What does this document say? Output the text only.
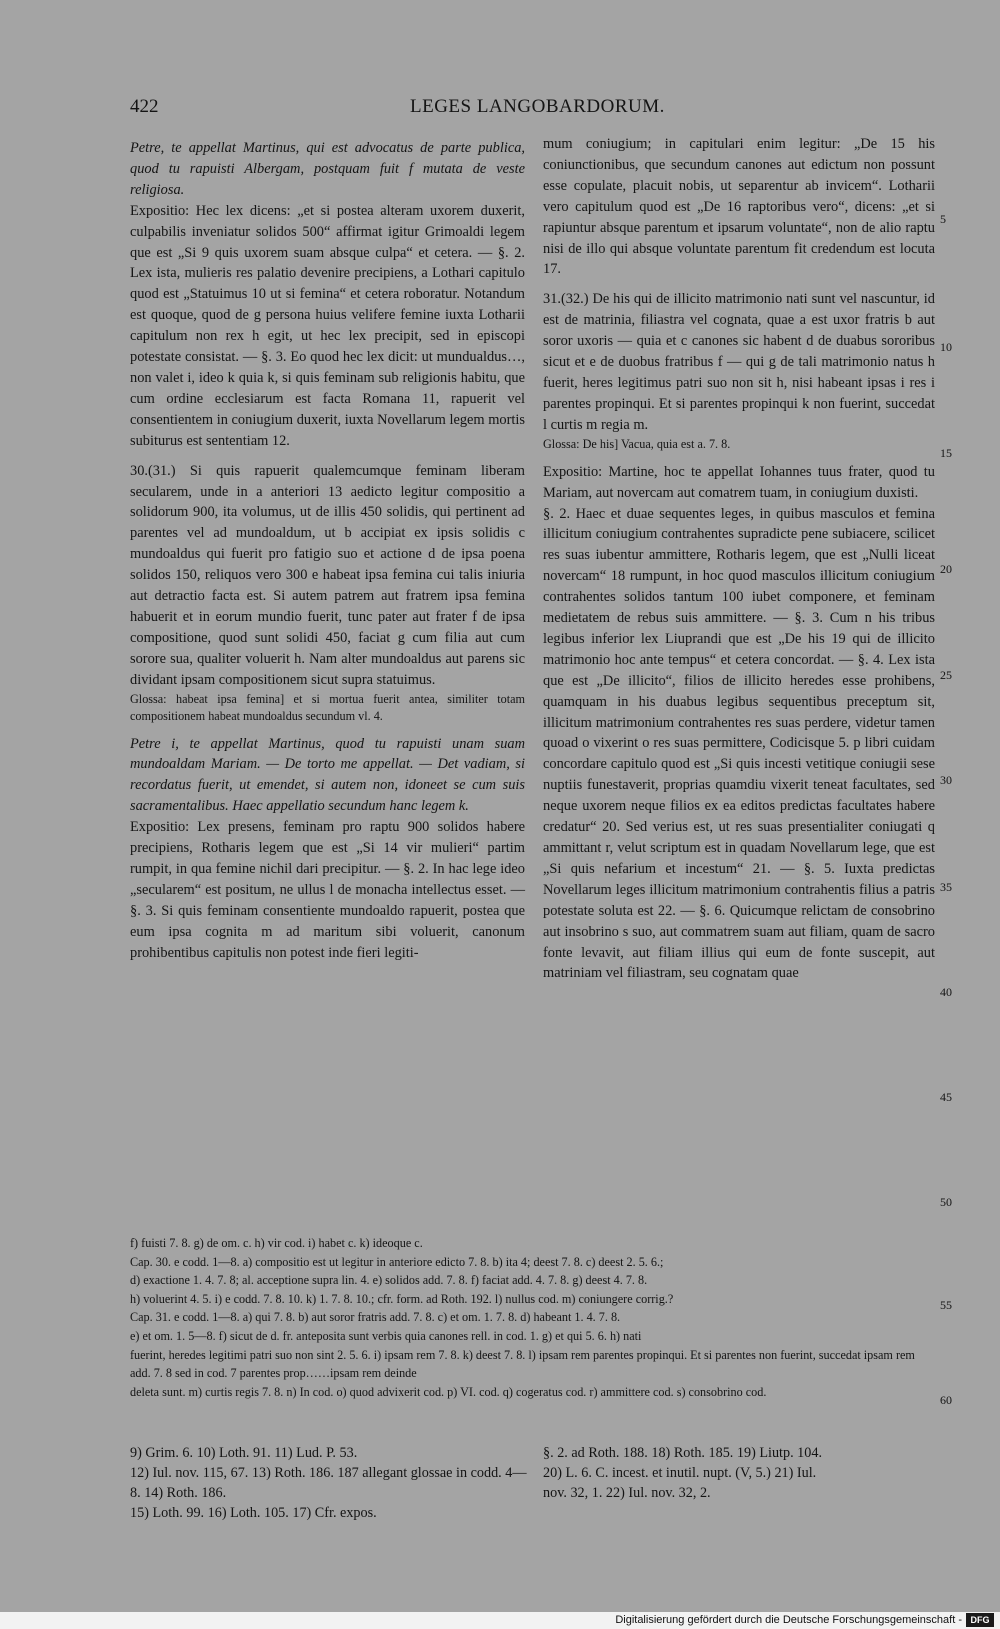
422	LEGES LANGOBARDORUM.

Petre, te appellat Martinus, qui est advocatus de parte publica, quod tu rapuisti Albergam, postquam fuit f mutata de veste religiosa.

Expositio: Hec lex dicens: „et si postea alteram uxorem duxerit, culpabilis inveniatur solidos 500“ affirmat igitur Grimoaldi legem que est „Si 9 quis uxorem suam absque culpa“ et cetera. — §. 2. Lex ista, mulieris res palatio devenire precipiens, a Lothari capitulo quod est „Statuimus 10 ut si femina“ et cetera roboratur. Notandum est quoque, quod de g persona huius velifere femine iuxta Lotharii capitulum non rex h egit, ut hec lex precipit, sed in episcopi potestate consistat. — §. 3. Eo quod hec lex dicit: ut mundualdus…, non valet i, ideo k quia k, si quis feminam sub religionis habitu, que cum ordine ecclesiarum est facta Romana 11, rapuerit vel consentientem in coniugium duxerit, iuxta Novellarum legem mortis subiturus est sententiam 12.

30.(31.) Si quis rapuerit qualemcumque feminam liberam secularem, unde in a anteriori 13 aedicto legitur compositio a solidorum 900, ita volumus, ut de illis 450 solidis, qui pertinent ad parentes vel ad mundoaldum, ut b accipiat ex ipsis solidis c mundoaldus qui fuerit pro fatigio suo et actione d de ipsa poena solidos 150, reliquos vero 300 e habeat ipsa femina cui talis iniuria aut detractio facta est. Si autem patrem aut fratrem ipsa femina habuerit et in eorum mundio fuerit, tunc pater aut frater f de ipsa compositione, quod sunt solidi 450, faciat g cum filia aut cum sorore sua, qualiter voluerit h. Nam alter mundoaldus aut parens sic dividant ipsam compositionem sicut supra statuimus.

Glossa: habeat ipsa femina] et si mortua fuerit antea, similiter totam compositionem habeat mundoaldus secundum vl. 4.

Petre i, te appellat Martinus, quod tu rapuisti unam suam mundoaldam Mariam. — De torto me appellat. — Det vadiam, si recordatus fuerit, ut emendet, si autem non, idoneet se cum suis sacramentalibus. Haec appellatio secundum hanc legem k.

Expositio: Lex presens, feminam pro raptu 900 solidos habere precipiens, Rotharis legem que est „Si 14 vir mulieri“ partim rumpit, in qua femine nichil dari precipitur. — §. 2. In hac lege ideo „secularem“ est positum, ne ullus l de monacha intellectus esset. — §. 3. Si quis feminam consentiente mundoaldo rapuerit, postea que eum ipsa cognita m ad maritum sibi voluerit, canonum prohibentibus capitulis non potest inde fieri legiti-

mum coniugium; in capitulari enim legitur: „De 15 his coniunctionibus, que secundum canones aut edictum non possunt esse copulate, placuit nobis, ut separentur ab invicem“. Lotharii vero capitulum quod est „De 16 raptoribus vero“, dicens: „et si rapiuntur absque parentum et ipsarum voluntate“, non de alio raptu nisi de illo qui absque voluntate parentum fit credendum est locuta 17.

31.(32.) De his qui de illicito matrimonio nati sunt vel nascuntur, id est de matrinia, filiastra vel cognata, quae a est uxor fratris b aut soror uxoris — quia et c canones sic habent d de duabus sororibus sicut et e de duobus fratribus f — qui g de tali matrimonio natus h fuerit, heres legitimus patri suo non sit h, nisi habeant ipsas i res i parentes propinqui. Et si parentes propinqui k non fuerint, succedat l curtis m regia m.

Glossa: De his] Vacua, quia est a. 7. 8.

Expositio: Martine, hoc te appellat Iohannes tuus frater, quod tu Mariam, aut novercam aut comatrem tuam, in coniugium duxisti.

§. 2. Haec et duae sequentes leges, in quibus masculos et femina illicitum coniugium contrahentes supradicte pene subiacere, scilicet res suas iubentur ammittere, Rotharis legem, que est „Nulli liceat novercam“ 18 rumpunt, in hoc quod masculos illicitum coniugium contrahentes solidos tantum 100 iubet componere, et feminam medietatem de rebus suis ammittere. — §. 3. Cum n his tribus legibus inferior lex Liuprandi que est „De his 19 qui de illicito matrimonio hoc ante tempus“ et cetera concordat. — §. 4. Lex ista que est „De illicito“, filios de illicito heredes esse prohibens, quamquam in his duabus legibus sequentibus preceptum sit, illicitum matrimonium contrahentes res suas perdere, videtur tamen quoad o vixerint o res suas permittere, Codicisque 5. p libri cuidam concordare capitulo quod est „Si quis incesti vetitique coniugii sese nuptiis funestaverit, proprias quamdiu vixerit teneat facultates, sed neque uxorem neque filios ex ea editos predictas facultates habere credatur“ 20. Sed verius est, ut res suas presentialiter coniugati q ammittant r, velut scriptum est in quadam Novellarum lege, que est „Si quis nefarium et incestum“ 21. — §. 5. Iuxta predictas Novellarum leges illicitum matrimonium contrahentis filius a patris potestate soluta est 22. — §. 6. Quicumque relictam de consobrino aut insobrino s suo, aut commatrem suam aut filiam, quam de sacro fonte levavit, aut filiam illius qui eum de fonte suscepit, aut matriniam vel filiastram, seu cognatam quae

5
10
15
20
25
30
35
40
45
50
55
60

f) fuisti 7. 8. g) de om. c. h) vir cod. i) habet c. k) ideoque c.

Cap. 30. e codd. 1—8. a) compositio est ut legitur in anteriore edicto 7. 8. b) ita 4; deest 7. 8. c) deest 2. 5. 6.;

d) exactione 1. 4. 7. 8; al. acceptione supra lin. 4. e) solidos add. 7. 8. f) faciat add. 4. 7. 8. g) deest 4. 7. 8.

h) voluerint 4. 5. i) e codd. 7. 8. 10. k) 1. 7. 8. 10.; cfr. form. ad Roth. 192. l) nullus cod. m) coniungere corrig.?

Cap. 31. e codd. 1—8. a) qui 7. 8. b) aut soror fratris add. 7. 8. c) et om. 1. 7. 8. d) habeant 1. 4. 7. 8.

e) et om. 1. 5—8. f) sicut de d. fr. anteposita sunt verbis quia canones rell. in cod. 1. g) et qui 5. 6. h) nati

fuerint, heredes legitimi patri suo non sint 2. 5. 6. i) ipsam rem 7. 8. k) deest 7. 8. l) ipsam rem parentes propinqui. Et si parentes non fuerint, succedat ipsam rem add. 7. 8 sed in cod. 7 parentes prop……ipsam rem deinde

deleta sunt. m) curtis regis 7. 8. n) In cod. o) quod advixerit cod. p) VI. cod. q) cogeratus cod. r) ammittere cod. s) consobrino cod.

9) Grim. 6. 10) Loth. 91. 11) Lud. P. 53.

12) Iul. nov. 115, 67. 13) Roth. 186. 187 allegant glossae in codd. 4—8. 14) Roth. 186.

15) Loth. 99. 16) Loth. 105. 17) Cfr. expos.

§. 2. ad Roth. 188. 18) Roth. 185. 19) Liutp. 104.

20) L. 6. C. incest. et inutil. nupt. (V, 5.) 21) Iul.

nov. 32, 1. 22) Iul. nov. 32, 2.

Digitalisierung gefördert durch die Deutsche Forschungsgemeinschaft - DFG
